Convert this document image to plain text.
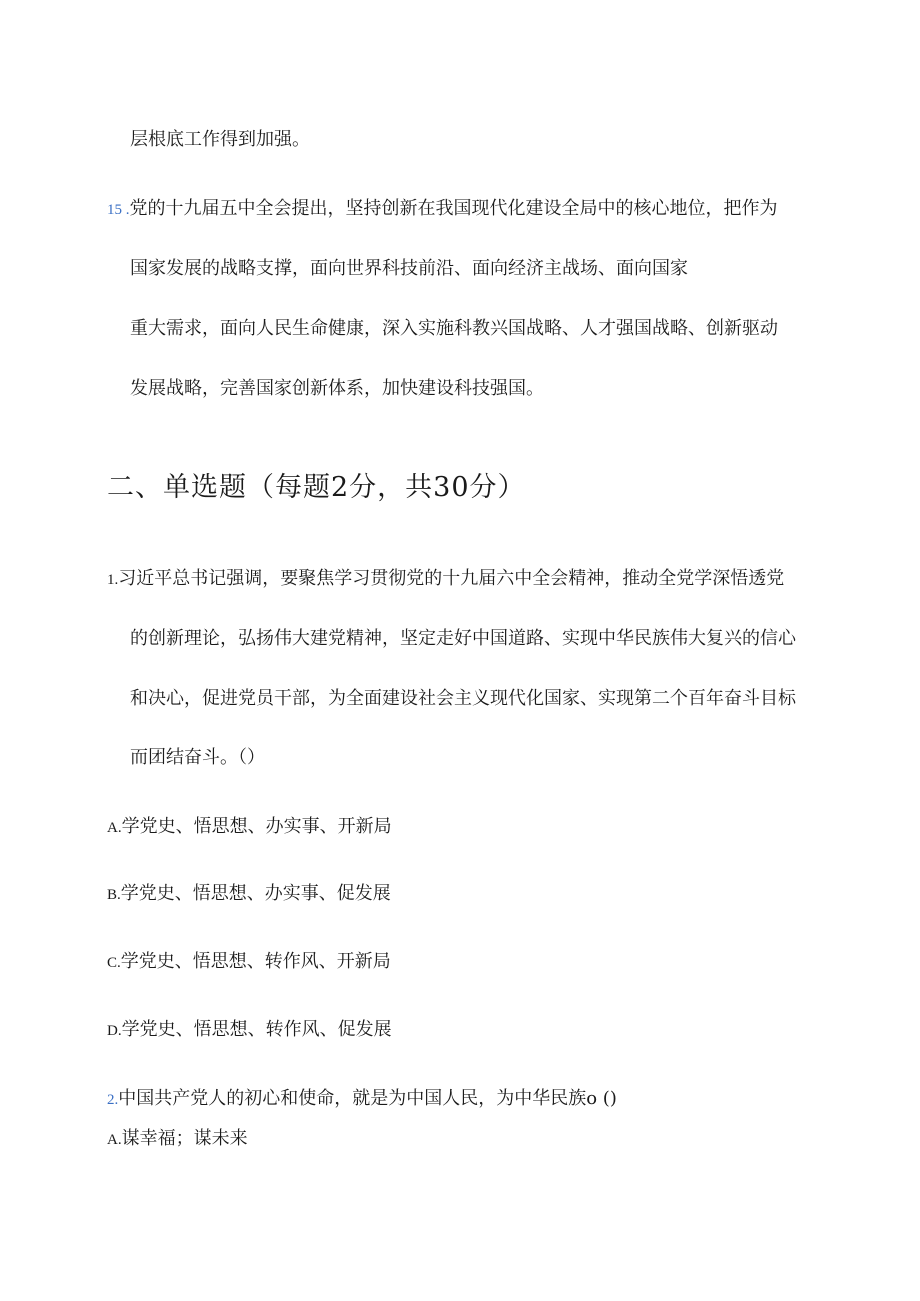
层根底工作得到加强。
15 .党的十九届五中全会提出，坚持创新在我国现代化建设全局中的核心地位，把作为
国家发展的战略支撑，面向世界科技前沿、面向经济主战场、面向国家
重大需求，面向人民生命健康，深入实施科教兴国战略、人才强国战略、创新驱动
发展战略，完善国家创新体系，加快建设科技强国。
二、单选题（每题2分，共30分）
1.习近平总书记强调，要聚焦学习贯彻党的十九届六中全会精神，推动全党学深悟透党
的创新理论，弘扬伟大建党精神，坚定走好中国道路、实现中华民族伟大复兴的信心
和决心，促进党员干部，为全面建设社会主义现代化国家、实现第二个百年奋斗目标
而团结奋斗。（）
A.学党史、悟思想、办实事、开新局
B.学党史、悟思想、办实事、促发展
C.学党史、悟思想、转作风、开新局
D.学党史、悟思想、转作风、促发展
2.中国共产党人的初心和使命，就是为中国人民，为中华民族o ()
A.谋幸福；谋未来
